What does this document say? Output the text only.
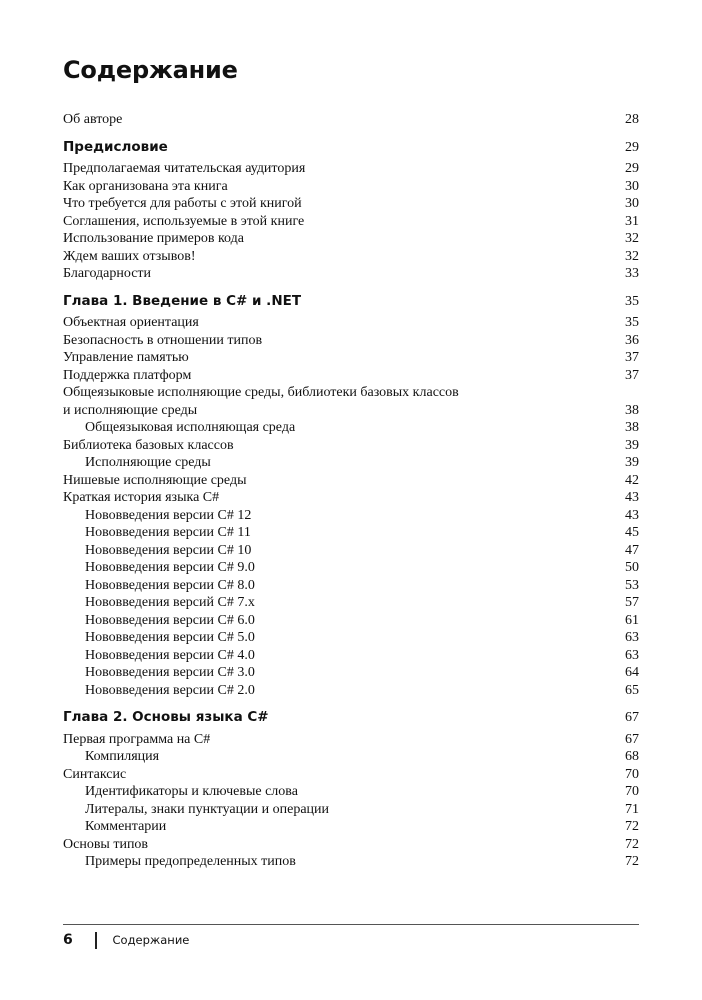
Содержание
Об авторе	28
Предисловие	29
Предполагаемая читательская аудитория	29
Как организована эта книга	30
Что требуется для работы с этой книгой	30
Соглашения, используемые в этой книге	31
Использование примеров кода	32
Ждем ваших отзывов!	32
Благодарности	33
Глава 1. Введение в C# и .NET	35
Объектная ориентация	35
Безопасность в отношении типов	36
Управление памятью	37
Поддержка платформ	37
Общеязыковые исполняющие среды, библиотеки базовых классов
и исполняющие среды	38
Общеязыковая исполняющая среда	38
Библиотека базовых классов	39
Исполняющие среды	39
Нишевые исполняющие среды	42
Краткая история языка C#	43
Нововведения версии C# 12	43
Нововведения версии C# 11	45
Нововведения версии C# 10	47
Нововведения версии C# 9.0	50
Нововведения версии C# 8.0	53
Нововведения версий C# 7.x	57
Нововведения версии C# 6.0	61
Нововведения версии C# 5.0	63
Нововведения версии C# 4.0	63
Нововведения версии C# 3.0	64
Нововведения версии C# 2.0	65
Глава 2. Основы языка C#	67
Первая программа на C#	67
Компиляция	68
Синтаксис	70
Идентификаторы и ключевые слова	70
Литералы, знаки пунктуации и операции	71
Комментарии	72
Основы типов	72
Примеры предопределенных типов	72
6	Содержание
